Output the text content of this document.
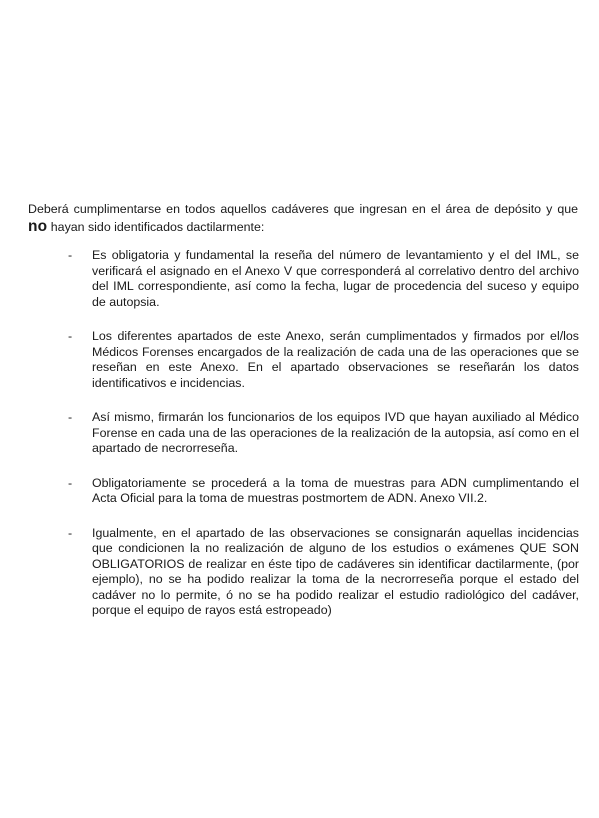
Deberá cumplimentarse en todos aquellos cadáveres que ingresan en el área de depósito y que no hayan sido identificados dactilarmente:

- Es obligatoria y fundamental la reseña del número de levantamiento y el del IML, se verificará el asignado en el Anexo V que corresponderá al correlativo dentro del archivo del IML correspondiente, así como la fecha, lugar de procedencia del suceso y equipo de autopsia.
- Los diferentes apartados de este Anexo, serán cumplimentados y firmados por el/los Médicos Forenses encargados de la realización de cada una de las operaciones que se reseñan en este Anexo. En el apartado observaciones se reseñarán los datos identificativos e incidencias.
- Así mismo, firmarán los funcionarios de los equipos IVD que hayan auxiliado al Médico Forense en cada una de las operaciones de la realización de la autopsia, así como en el apartado de necrorreseña.
- Obligatoriamente se procederá a la toma de muestras para ADN cumplimentando el Acta Oficial para la toma de muestras postmortem de ADN. Anexo VII.2.
- Igualmente, en el apartado de las observaciones se consignarán aquellas incidencias que condicionen la no realización de alguno de los estudios o exámenes QUE SON OBLIGATORIOS de realizar en éste tipo de cadáveres sin identificar dactilarmente, (por ejemplo), no se ha podido realizar la toma de la necrorreseña porque el estado del cadáver no lo permite, ó no se ha podido realizar el estudio radiológico del cadáver, porque el equipo de rayos está estropeado)
